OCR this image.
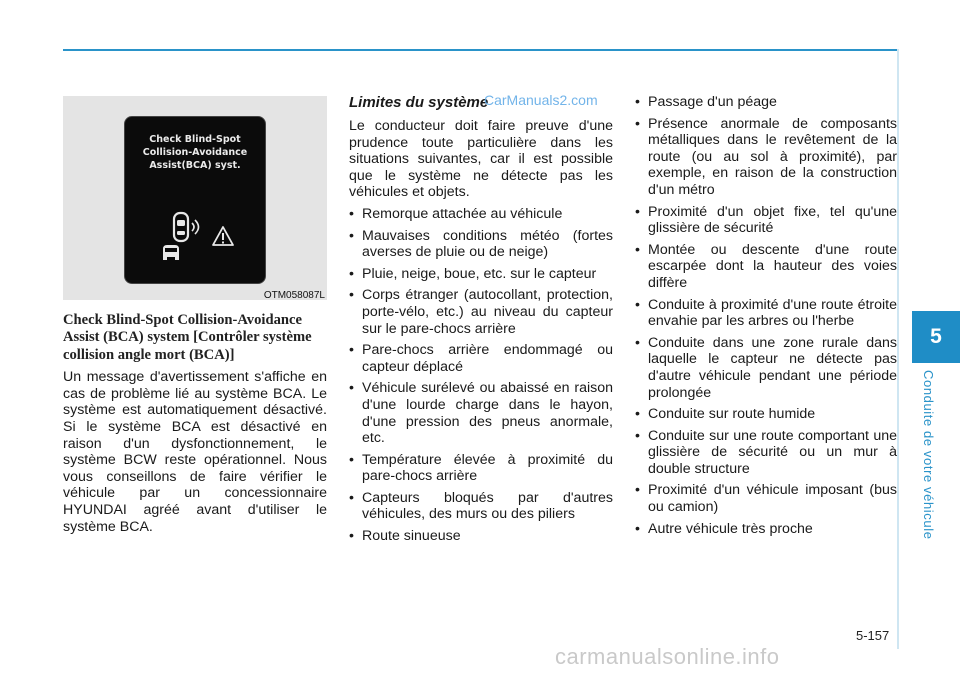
5
Conduite de votre véhicule
Check Blind-Spot
Collision-Avoidance
Assist(BCA) syst.
OTM058087L
Check Blind-Spot Collision-Avoidance Assist (BCA) system [Contrôler système collision angle mort (BCA)]
Un message d'avertissement s'affiche en cas de problème lié au système BCA. Le système est automatiquement désactivé. Si le système BCA est désactivé en raison d'un dysfonctionnement, le système BCW reste opérationnel. Nous vous conseillons de faire vérifier le véhicule par un concessionnaire HYUNDAI agréé avant d'utiliser le système BCA.
Limites du système

Le conducteur doit faire preuve d'une prudence toute particulière dans les situations suivantes, car il est possible que le système ne détecte pas les véhicules et objets.

• Remorque attachée au véhicule
• Mauvaises conditions météo (fortes averses de pluie ou de neige)
• Pluie, neige, boue, etc. sur le capteur
• Corps étranger (autocollant, protection, porte-vélo, etc.) au niveau du capteur sur le pare-chocs arrière
• Pare-chocs arrière endommagé ou capteur déplacé
• Véhicule surélevé ou abaissé en raison d'une lourde charge dans le hayon, d'une pression des pneus anormale, etc.
• Température élevée à proximité du pare-chocs arrière
• Capteurs bloqués par d'autres véhicules, des murs ou des piliers
• Route sinueuse
• Passage d'un péage
• Présence anormale de composants métalliques dans le revêtement de la route (ou au sol à proximité), par exemple, en raison de la construction d'un métro
• Proximité d'un objet fixe, tel qu'une glissière de sécurité
• Montée ou descente d'une route escarpée dont la hauteur des voies diffère
• Conduite à proximité d'une route étroite envahie par les arbres ou l'herbe
• Conduite dans une zone rurale dans laquelle le capteur ne détecte pas d'autre véhicule pendant une période prolongée
• Conduite sur route humide
• Conduite sur une route comportant une glissière de sécurité ou un mur à double structure
• Proximité d'un véhicule imposant (bus ou camion)
• Autre véhicule très proche
CarManuals2.com
5-157
carmanualsonline.info
